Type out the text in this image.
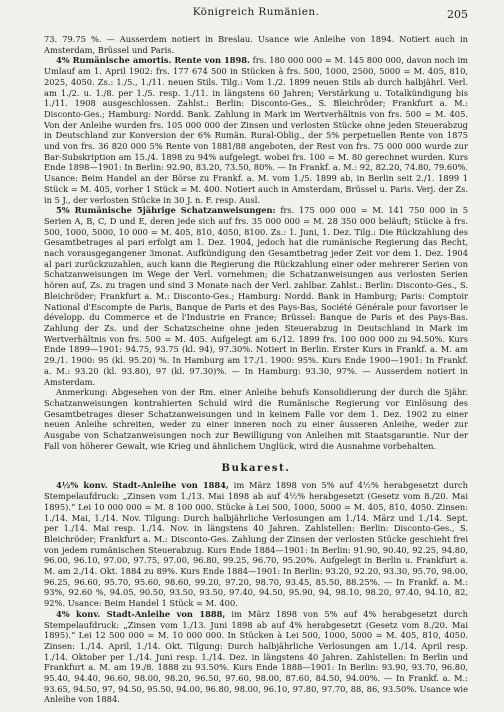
Königreich Rumänien.	205

73. 79.75 %. — Ausserdem notiert in Breslau. Usance wie Anleihe von 1894. Notiert auch in Amsterdam, Brüssel und Paris.

4% Rumänische amortis. Rente von 1898. frs. 180 000 000 = M. 145 800 000, davon noch im Umlauf am 1. April 1902: frs. 177 674 500 in Stücken à frs. 500, 1000, 2500, 5000 = M. 405, 810, 2025, 4050. Zs.: 1./5., 1./11. neuen Stils. Tilg.: Vom 1./2. 1899 neuen Stils ab durch halbjährl. Verl. am 1./2. u. 1./8. per 1./5. resp. 1./11. in längstens 60 Jahren; Verstärkung u. Totalkündigung bis 1./11. 1908 ausgeschlossen. Zahlst.: Berlin: Disconto-Ges., S. Bleichröder; Frankfurt a. M.: Disconto-Ges.; Hamburg: Nordd. Bank. Zahlung in Mark im Wertverhältnis von frs. 500 = M. 405. Von der Anleihe wurden frs. 105 000 000 der Zinsen und verlosten Stücke ohne jeden Steuerabzug in Deutschland zur Konversion der 6% Rumän. Rural-Oblig., der 5% perpetuellen Rente von 1875 und von frs. 36 820 000 5% Rente von 1881/88 angeboten, der Rest von frs. 75 000 000 wurde zur Bar-Subskription am 15./4. 1898 zu 94% aufgelegt. wobei frs. 100 = M. 80 gerechnet wurden. Kurs Ende 1898—1901: In Berlin: 92.90, 83.20, 73.50, 80%. — In Frankf. a. M.: 92, 82.20, 74.80, 79.60%. Usance: Beim Handel an der Börse zu Frankf. a. M. vom 1./5. 1899 ab, in Berlin seit 2./1. 1899 1 Stück = M. 405, vorher 1 Stück = M. 400. Notiert auch in Amsterdam, Brüssel u. Paris. Verj. der Zs. in 5 J., der verlosten Stücke in 30 J. n. F. resp. Ausl.

5% Rumänische 5jährige Schatzanweisungen: frs. 175 000 000 = M. 141 750 000 in 5 Serien A, B, C, D und E, deren jede sich auf frs. 35 000 000 = M. 28 350 000 beläuft; Stücke à frs. 500, 1000, 5000, 10 000 = M. 405, 810, 4050, 8100. Zs.: 1. Juni, 1. Dez. Tilg.: Die Rückzahlung des Gesamtbetrages al pari erfolgt am 1. Dez. 1904, jedoch hat die rumänische Regierung das Recht, nach vorausgegangener 3monat. Aufkündigung den Gesamtbetrag jeder Zeit vor dem 1. Dez. 1904 al pari zurückzuzahlen, auch kann die Regierung die Rückzahlung einer oder mehrerer Serien von Schatzanweisungen im Wege der Verl. vornehmen; die Schatzanweisungen aus verlosten Serien hören auf, Zs. zu tragen und sind 3 Monate nach der Verl. zahlbar. Zahlst.: Berlin: Disconto-Ges., S. Bleichröder; Frankfurt a. M.: Disconto-Ges.; Hamburg: Nordd. Bank in Hamburg; Paris: Comptoir National d'Escompte de Paris, Banque de Paris et des Pays-Bas, Société Générale pour favoriser le développ. du Commerce et de l'Industrie en France; Brüssel: Banque de Paris et des Pays-Bas. Zahlung der Zs. und der Schatzscheine ohne jeden Steuerabzug in Deutschland in Mark im Wertverhältnis von frs. 500 = M. 405. Aufgelegt am 6./12. 1899 frs. 100 000 000 zu 94.50%. Kurs Ende 1899—1901: 94.75, 93.75 (kl. 94), 97.30%. Notiert in Berlin. Erster Kurs in Frankf. a. M. am 29./1. 1900: 95 (kl. 95.20) %. In Hamburg am 17./1. 1900: 95%. Kurs Ende 1900—1901: In Frankf. a. M.: 93.20 (kl. 93.80), 97 (kl. 97.30)%. — In Hamburg: 93.30, 97%. — Ausserdem notiert in Amsterdam.

Anmerkung: Abgesehen von der Rm. einer Anleihe behufs Konsolidierung der durch die 5jähr. Schatzanweisungen kontrahierten Schuld wird die Rumänische Regierung vor Einlösung des Gesamtbetrages dieser Schatzanweisungen und in keinem Falle vor dem 1. Dez. 1902 zu einer neuen Anleihe schreiten, weder zu einer inneren noch zu einer äusseren Anleihe, weder zur Ausgabe von Schatzanweisungen noch zur Bewilligung von Anleihen mit Staatsgarantie. Nur der Fall von höherer Gewalt, wie Krieg und ähnlichem Unglück, wird die Ausnahme vorbehalten.

Bukarest.

4½% konv. Stadt-Anleihe von 1884, im März 1898 von 5% auf 4½% herabgesetzt durch Stempelaufdruck: „Zinsen vom 1./13. Mai 1898 ab auf 4½% herabgesetzt (Gesetz vom 8./20. Mai 1895).“ Lei 10 000 000 = M. 8 100 000. Stücke à Lei 500, 1000, 5000 = M. 405, 810, 4050. Zinsen: 1./14. Mai, 1./14. Nov. Tilgung: Durch halbjährliche Verlosungen am 1./14. März und 1./14. Sept. per 1./14. Mai resp. 1./14. Nov. in längstens 40 Jahren. Zahlstellen: Berlin: Disconto-Ges., S. Bleichröder; Frankfurt a. M.: Disconto-Ges. Zahlung der Zinsen der verlosten Stücke geschieht frei von jedem rumänischen Steuerabzug. Kurs Ende 1884—1901: In Berlin: 91.90, 90.40, 92.25, 94.80, 96.00, 96.10, 97.00, 97.75, 97.00, 96.80, 99.25, 96.70, 95.20%. Aufgelegt in Berlin u. Frankfurt a. M. am 2./14. Okt. 1884 zu 89%. Kurs Ende 1884—1901: In Berlin: 93.20, 92.20, 93.30, 95.70, 98.00, 96.25, 96.60, 95.70, 95.60, 98.60, 99.20, 97.20, 98.70, 93.45, 85.50, 88.25%. — In Frankf. a. M.: 93%, 92.60 %, 94.05, 90.50, 93.50, 93.50, 97.40, 94.50, 95.90, 94, 98.10, 98.20, 97.40, 94.10, 82, 92%. Usance: Beim Handel 1 Stück = M. 400.

4% konv. Stadt-Anleihe von 1888, im März 1898 von 5% auf 4% herabgesetzt durch Stempelaufdruck: „Zinsen vom 1./13. Juni 1898 ab auf 4% herabgesetzt (Gesetz vom 8./20. Mai 1895).“ Lei 12 500 000 = M. 10 000 000. In Stücken à Lei 500, 1000, 5000 = M. 405, 810, 4050. Zinsen: 1./14. April, 1./14. Okt. Tilgung: Durch halbjährliche Verlosungen am 1./14. April resp. 1./14. Oktober per 1./14. Juni resp. 1./14. Dez. in längstens 40 Jahren. Zahlstellen: In Berlin und Frankfurt a. M. am 19./8. 1888 zu 93.50%. Kurs Ende 1888—1901: In Berlin: 93.90, 93.70, 96.80, 95.40, 94.40, 96.60, 98.00, 98.20, 96.50, 97.60, 98.00, 87.60, 84.50, 94.00%. — In Frankf. a. M.: 93.65, 94.50, 97, 94.50, 95.50, 94.00, 96.80, 98.00, 96.10, 97.80, 97.70, 88, 86, 93.50%. Usance wie Anleihe von 1884.
